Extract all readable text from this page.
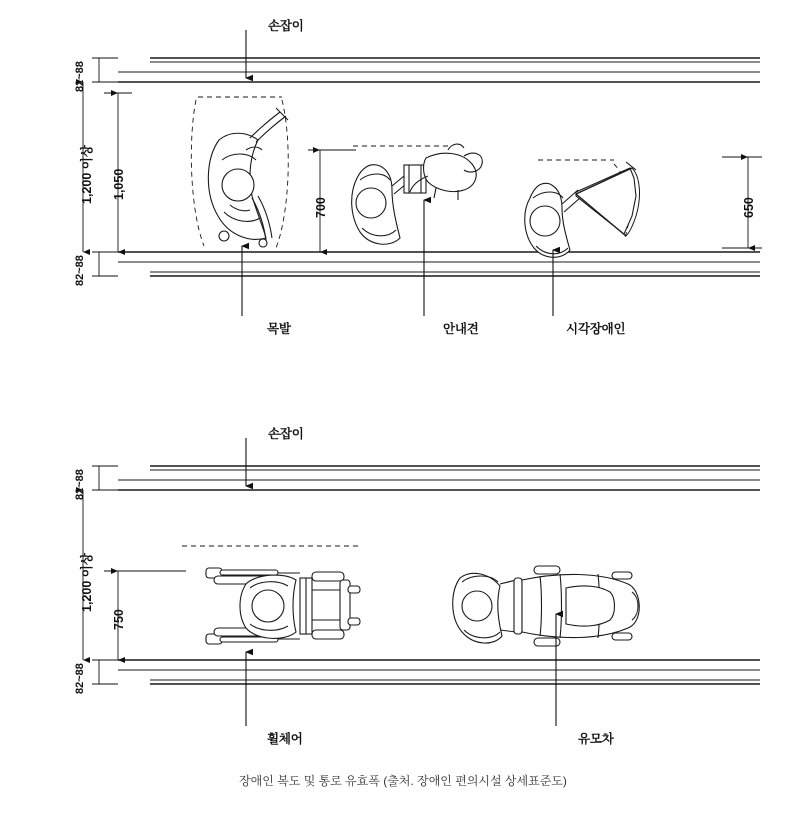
손잡이
82~88
82~88
1,200 이상 1,050
700	650
목발	안내견	시각장애인
손잡이
82~88
82~88
1,200 이상
750
휠체어	유모차
장애인 복도 및 통로 유효폭 (출처. 장애인 편의시설 상세표준도)
